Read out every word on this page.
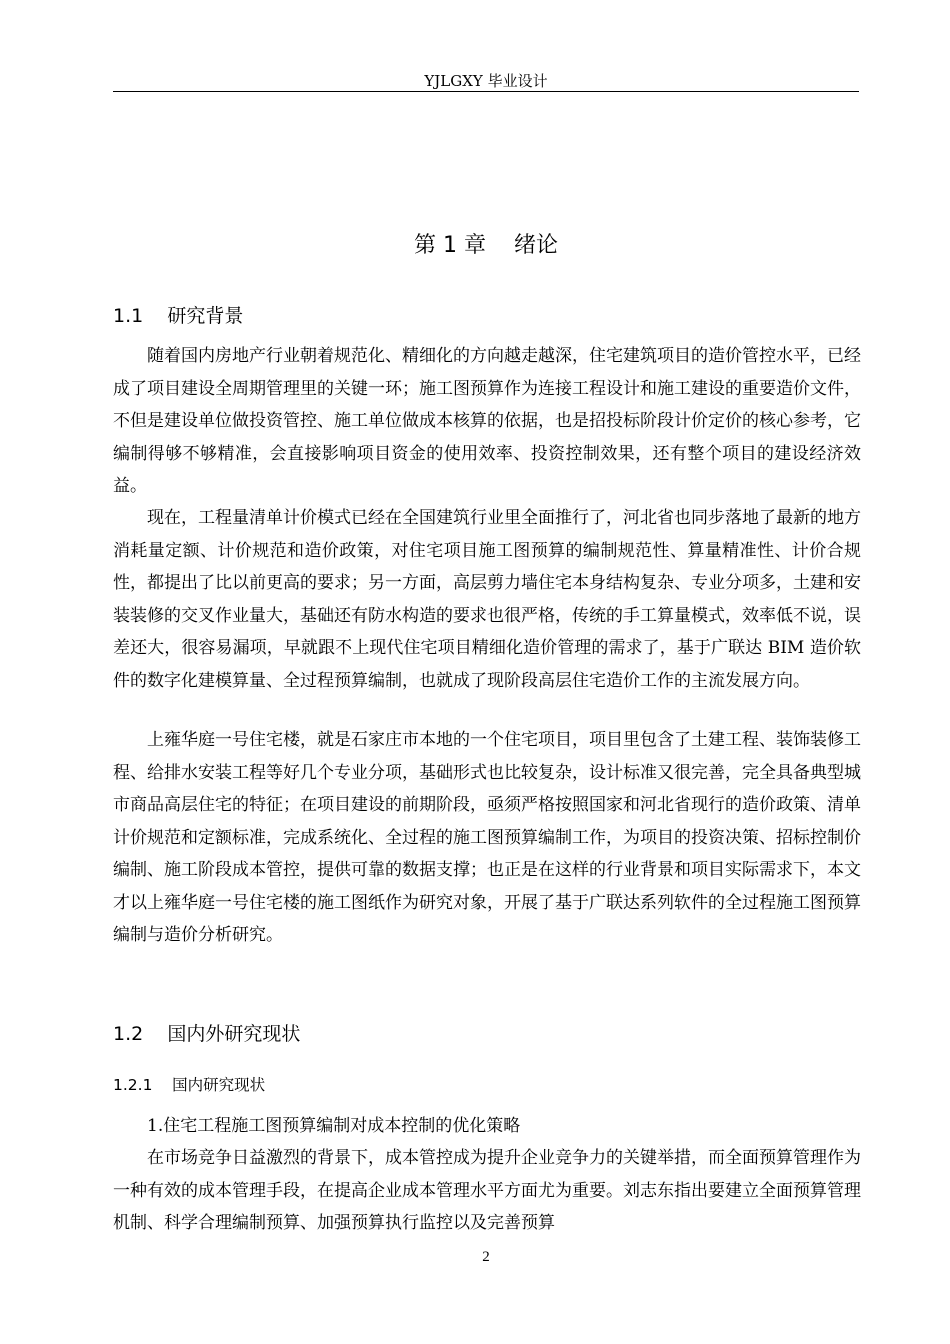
YJLGXY 毕业设计
第 1 章    绪论
1.1    研究背景

随着国内房地产行业朝着规范化、精细化的方向越走越深，住宅建筑项目的造价管控水平，已经成了项目建设全周期管理里的关键一环；施工图预算作为连接工程设计和施工建设的重要造价文件，不但是建设单位做投资管控、施工单位做成本核算的依据，也是招投标阶段计价定价的核心参考，它编制得够不够精准，会直接影响项目资金的使用效率、投资控制效果，还有整个项目的建设经济效益。

现在，工程量清单计价模式已经在全国建筑行业里全面推行了，河北省也同步落地了最新的地方消耗量定额、计价规范和造价政策，对住宅项目施工图预算的编制规范性、算量精准性、计价合规性，都提出了比以前更高的要求；另一方面，高层剪力墙住宅本身结构复杂、专业分项多，土建和安装装修的交叉作业量大，基础还有防水构造的要求也很严格，传统的手工算量模式，效率低不说，误差还大，很容易漏项，早就跟不上现代住宅项目精细化造价管理的需求了，基于广联达 BIM 造价软件的数字化建模算量、全过程预算编制，也就成了现阶段高层住宅造价工作的主流发展方向。

上雍华庭一号住宅楼，就是石家庄市本地的一个住宅项目，项目里包含了土建工程、装饰装修工程、给排水安装工程等好几个专业分项，基础形式也比较复杂，设计标准又很完善，完全具备典型城市商品高层住宅的特征；在项目建设的前期阶段，亟须严格按照国家和河北省现行的造价政策、清单计价规范和定额标准，完成系统化、全过程的施工图预算编制工作，为项目的投资决策、招标控制价编制、施工阶段成本管控，提供可靠的数据支撑；也正是在这样的行业背景和项目实际需求下，本文才以上雍华庭一号住宅楼的施工图纸作为研究对象，开展了基于广联达系列软件的全过程施工图预算编制与造价分析研究。

1.2    国内外研究现状
1.2.1    国内研究现状

1.住宅工程施工图预算编制对成本控制的优化策略

在市场竞争日益激烈的背景下，成本管控成为提升企业竞争力的关键举措，而全面预算管理作为一种有效的成本管理手段，在提高企业成本管理水平方面尤为重要。刘志东指出要建立全面预算管理机制、科学合理编制预算、加强预算执行监控以及完善预算

2
